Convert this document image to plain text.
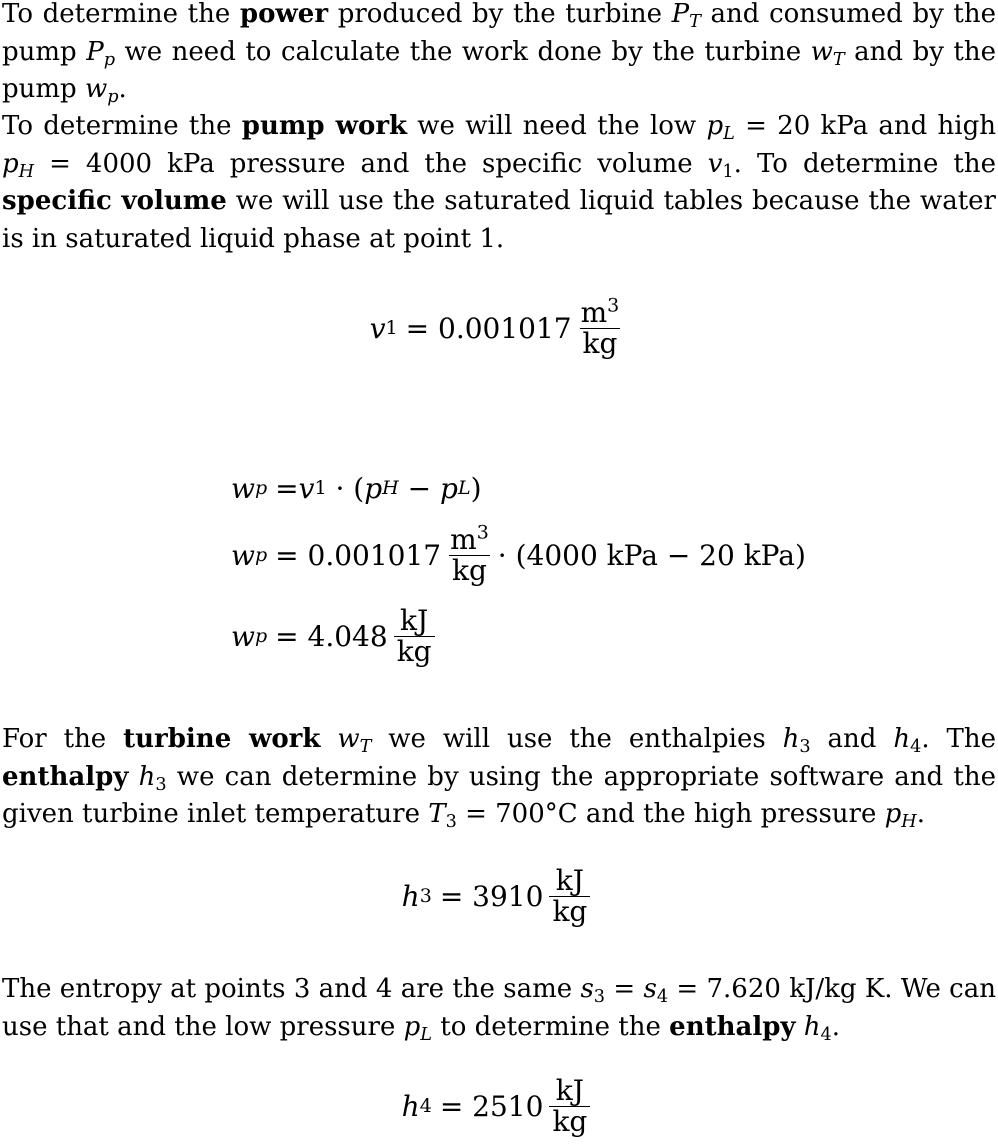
To determine the power produced by the turbine $P_T$ and consumed by the pump $P_p$ we need to calculate the work done by the turbine $w_T$ and by the pump $w_p$.
To determine the pump work we will need the low $p_L = 20$ kPa and high $p_H = 4000$ kPa pressure and the specific volume $v_1$. To determine the specific volume we will use the saturated liquid tables because the water is in saturated liquid phase at point 1.
v $1 = 0.001017 \frac{m^3}{kg}$
w p = v 1 · ( p H − p L )
w $p = 0.001017 \frac{m^3}{kg} \cdot (4000$ kPa − 20 kPa)
w $p = 4.048 \frac{kJ}{kg}$
For the turbine work $w_T$ we will use the enthalpies $h_3$ and $h_4$. The enthalpy $h_3$ we can determine by using the appropriate software and the given turbine inlet temperature $T_3 = 700^\circ C$ and the high pressure $p_H$.
h $3 = 3910 \frac{kJ}{kg}$
The entropy at points 3 and 4 are the same $s_3 = s_4 = 7.620$ kJ/kg K. We can use that and the low pressure $p_L$ to determine the enthalpy $h_4$.
h $4 = 2510 \frac{kJ}{kg}$
